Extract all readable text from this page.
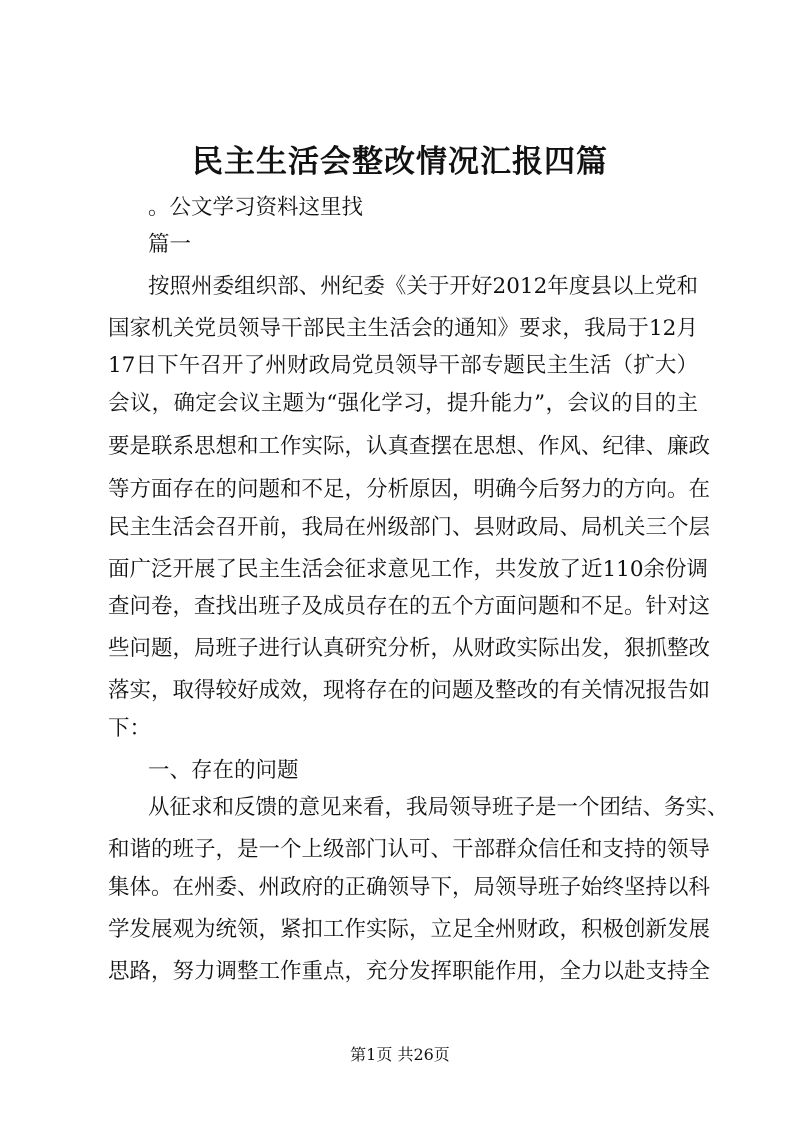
民主生活会整改情况汇报四篇
。公文学习资料这里找
篇一
按照州委组织部、州纪委《关于开好2012年度县以上党和
国家机关党员领导干部民主生活会的通知》要求，我局于12月
17日下午召开了州财政局党员领导干部专题民主生活（扩大）
会议，确定会议主题为“强化学习，提升能力”，会议的目的主
要是联系思想和工作实际，认真查摆在思想、作风、纪律、廉政
等方面存在的问题和不足，分析原因，明确今后努力的方向。在
民主生活会召开前，我局在州级部门、县财政局、局机关三个层
面广泛开展了民主生活会征求意见工作，共发放了近110余份调
查问卷，查找出班子及成员存在的五个方面问题和不足。针对这
些问题，局班子进行认真研究分析，从财政实际出发，狠抓整改
落实，取得较好成效，现将存在的问题及整改的有关情况报告如
下：
一、存在的问题
从征求和反馈的意见来看，我局领导班子是一个团结、务实、
和谐的班子，是一个上级部门认可、干部群众信任和支持的领导
集体。在州委、州政府的正确领导下，局领导班子始终坚持以科
学发展观为统领，紧扣工作实际，立足全州财政，积极创新发展
思路，努力调整工作重点，充分发挥职能作用，全力以赴支持全
第1页 共26页
